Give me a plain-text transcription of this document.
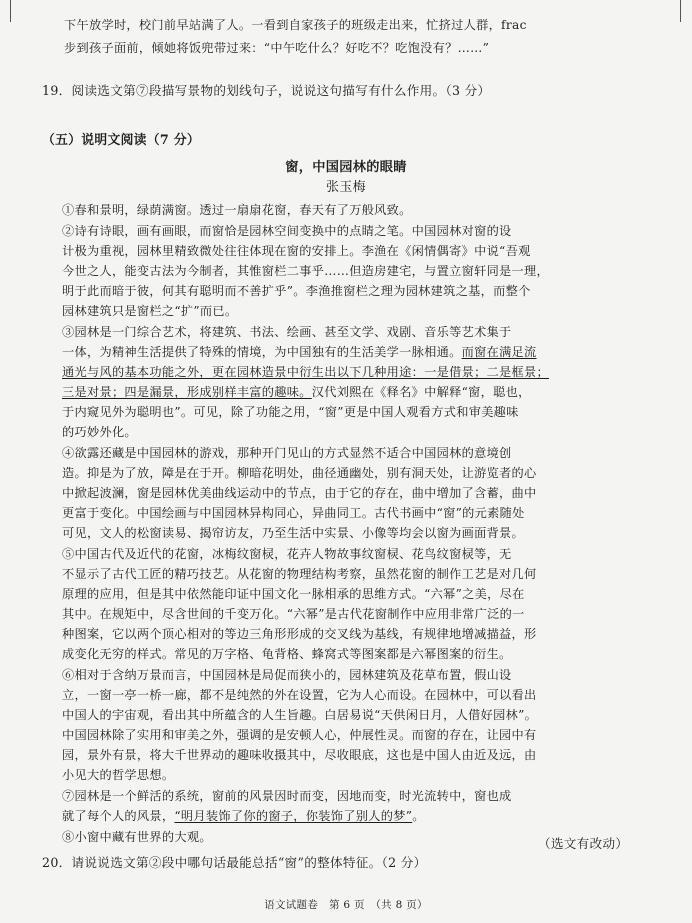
下午放学时，校门前早站满了人。一看到自家孩子的班级走出来，忙挤过人群，frac
步到孩子面前，倾她将饭兜带过来：“中午吃什么？好吃不？吃饱没有？……”
19．阅读选文第⑦段描写景物的划线句子，说说这句描写有什么作用。（3 分）
（五）说明文阅读（7 分）
窗，中国园林的眼睛
张玉梅
①春和景明，绿荫满窗。透过一扇扇花窗，春天有了万般风致。
②诗有诗眼，画有画眼，而窗恰是园林空间变换中的点睛之笔。中国园林对窗的设
计极为重视，园林里精致微处往往体现在窗的安排上。李渔在《闲情偶寄》中说“吾观
今世之人，能变古法为今制者，其惟窗栏二事乎……但造房建宅，与置立窗轩同是一理，
明于此而暗于彼，何其有聪明而不善扩乎”。李渔推窗栏之理为园林建筑之基，而整个
园林建筑只是窗栏之“扩”而已。
③园林是一门综合艺术，将建筑、书法、绘画、甚至文学、戏剧、音乐等艺术集于
一体，为精神生活提供了特殊的情境，为中国独有的生活美学一脉相通。而窗在满足流
通光与风的基本功能之外，更在园林造景中衍生出以下几种用途：一是借景；二是框景；
三是对景；四是漏景，形成别样丰富的趣味。汉代刘熙在《释名》中解释“窗，聪也，
于内窥见外为聪明也”。可见，除了功能之用，“窗”更是中国人观看方式和审美趣味
的巧妙外化。
④欲露还藏是中国园林的游戏，那种开门见山的方式显然不适合中国园林的意境创
造。抑是为了放，障是在于开。柳暗花明处，曲径通幽处，别有洞天处，让游览者的心
中掀起波澜，窗是园林优美曲线运动中的节点，由于它的存在，曲中增加了含蓄，曲中
更富于变化。中国绘画与中国园林异构同心，异曲同工。古代书画中“窗”的元素随处
可见，文人的松窗读易、揭帘访友，乃至生活中实景、小像等均会以窗为画面背景。
⑤中国古代及近代的花窗，冰梅纹窗棂，花卉人物故事纹窗棂、花鸟纹窗棂等，无
不显示了古代工匠的精巧技艺。从花窗的物理结构考察，虽然花窗的制作工艺是对几何
原理的应用，但是其中依然能印证中国文化一脉相承的思维方式。“六幂”之美，尽在
其中。在规矩中，尽含世间的千变万化。“六幂”是古代花窗制作中应用非常广泛的一
种图案，它以两个顶心相对的等边三角形形成的交叉线为基线，有规律地增减描益，形
成变化无穷的样式。常见的万字格、龟背格、蜂窝式等图案都是六幂图案的衍生。
⑥相对于含纳万景而言，中国园林是局促而狭小的，园林建筑及花草布置，假山设
立，一窗一亭一桥一廊，都不是纯然的外在设置，它为人心而设。在园林中，可以看出
中国人的宇宙观，看出其中所蕴含的人生旨趣。白居易说“天供闲日月，人借好园林”。
中国园林除了实用和审美之外，强调的是安顿人心，仲展性灵。而窗的存在，让园中有
园，景外有景，将大千世界动的趣味收摄其中，尽收眼底，这也是中国人由近及远，由
小见大的哲学思想。
⑦园林是一个鲜活的系统，窗前的风景因时而变，因地而变，时光流转中，窗也成
就了每个人的风景，“明月装饰了你的窗子，你装饰了别人的梦”。
⑧小窗中藏有世界的大观。	（选文有改动）
20．请说说选文第②段中哪句话最能总括“窗”的整体特征。（2 分）
语文试题卷　第 6 页　（共 8 页）
